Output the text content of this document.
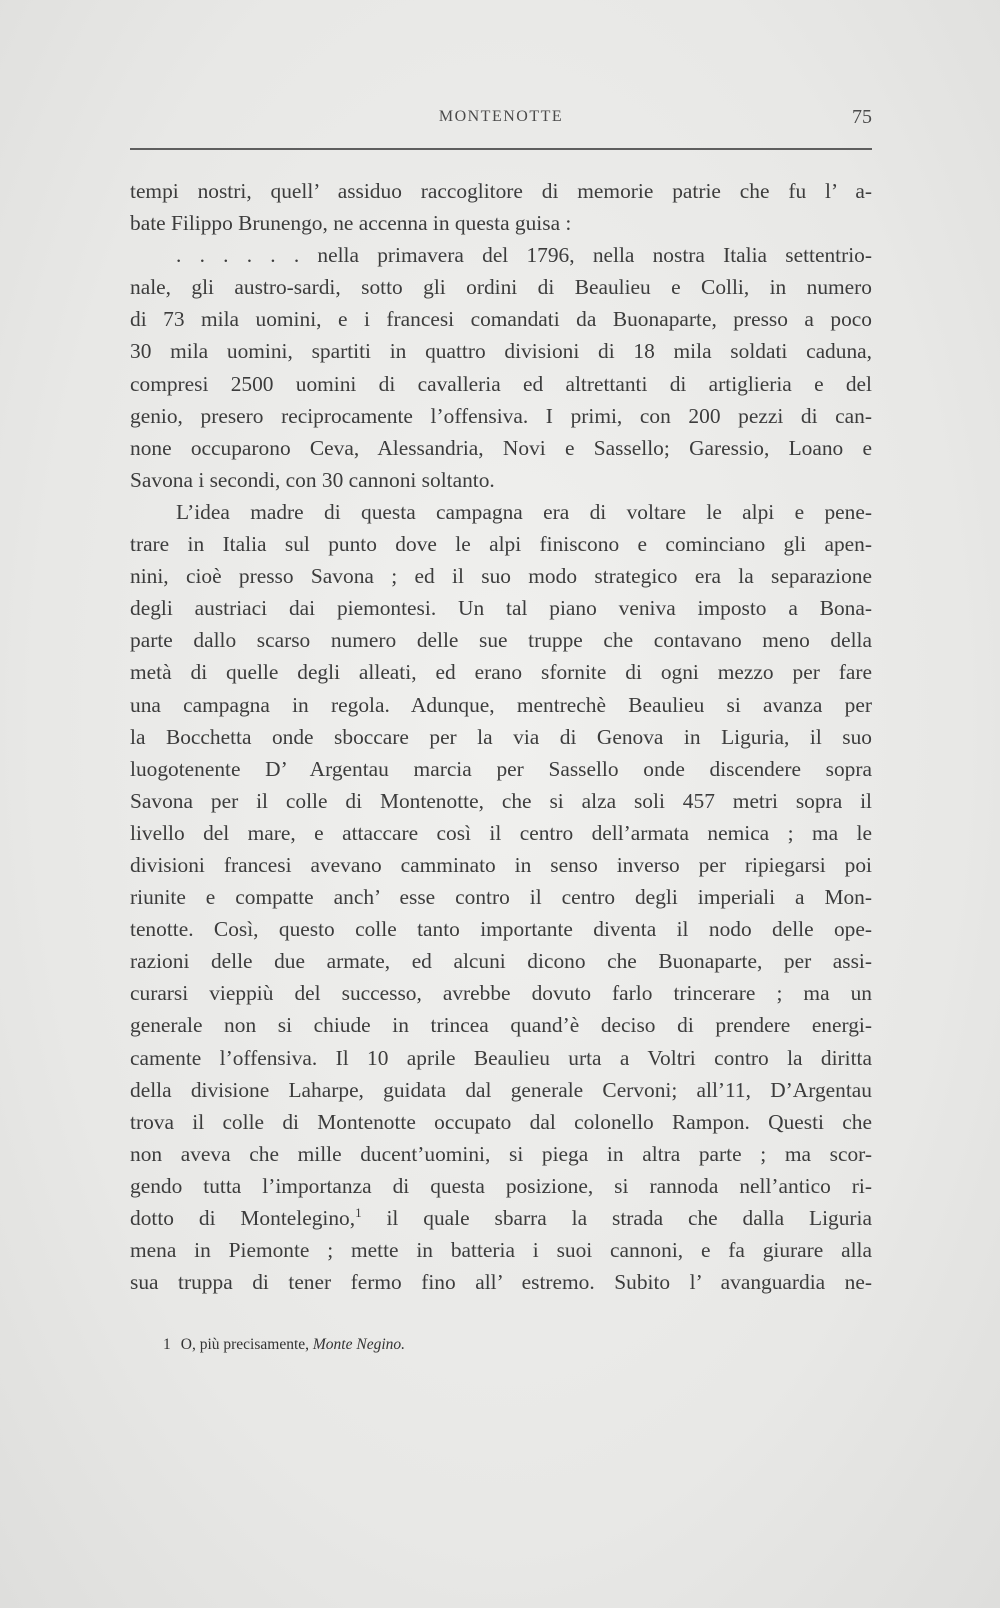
MONTENOTTE	75
tempi nostri, quell’ assiduo raccoglitore di memorie patrie che fu l’ a-
bate Filippo Brunengo, ne accenna in questa guisa :
. . . . . . nella primavera del 1796, nella nostra Italia settentrio-
nale, gli austro-sardi, sotto gli ordini di Beaulieu e Colli, in numero
di 73 mila uomini, e i francesi comandati da Buonaparte, presso a poco
30 mila uomini, spartiti in quattro divisioni di 18 mila soldati caduna,
compresi 2500 uomini di cavalleria ed altrettanti di artiglieria e del
genio, presero reciprocamente l’offensiva. I primi, con 200 pezzi di can-
none occuparono Ceva, Alessandria, Novi e Sassello; Garessio, Loano e
Savona i secondi, con 30 cannoni soltanto.
L’idea madre di questa campagna era di voltare le alpi e pene-
trare in Italia sul punto dove le alpi finiscono e cominciano gli apen-
nini, cioè presso Savona ; ed il suo modo strategico era la separazione
degli austriaci dai piemontesi. Un tal piano veniva imposto a Bona-
parte dallo scarso numero delle sue truppe che contavano meno della
metà di quelle degli alleati, ed erano sfornite di ogni mezzo per fare
una campagna in regola. Adunque, mentrechè Beaulieu si avanza per
la Bocchetta onde sboccare per la via di Genova in Liguria, il suo
luogotenente D’ Argentau marcia per Sassello onde discendere sopra
Savona per il colle di Montenotte, che si alza soli 457 metri sopra il
livello del mare, e attaccare così il centro dell’armata nemica ; ma le
divisioni francesi avevano camminato in senso inverso per ripiegarsi poi
riunite e compatte anch’ esse contro il centro degli imperiali a Mon-
tenotte. Così, questo colle tanto importante diventa il nodo delle ope-
razioni delle due armate, ed alcuni dicono che Buonaparte, per assi-
curarsi vieppiù del successo, avrebbe dovuto farlo trincerare ; ma un
generale non si chiude in trincea quand’è deciso di prendere energi-
camente l’offensiva. Il 10 aprile Beaulieu urta a Voltri contro la diritta
della divisione Laharpe, guidata dal generale Cervoni; all’11, D’Argentau
trova il colle di Montenotte occupato dal colonello Rampon. Questi che
non aveva che mille ducent’uomini, si piega in altra parte ; ma scor-
gendo tutta l’importanza di questa posizione, si rannoda nell’antico ri-
dotto di Montelegino,$^1$ il quale sbarra la strada che dalla Liguria
mena in Piemonte ; mette in batteria i suoi cannoni, e fa giurare alla
sua truppa di tener fermo fino all’ estremo. Subito l’ avanguardia ne-
1 O, più precisamente, Monte Negino.
